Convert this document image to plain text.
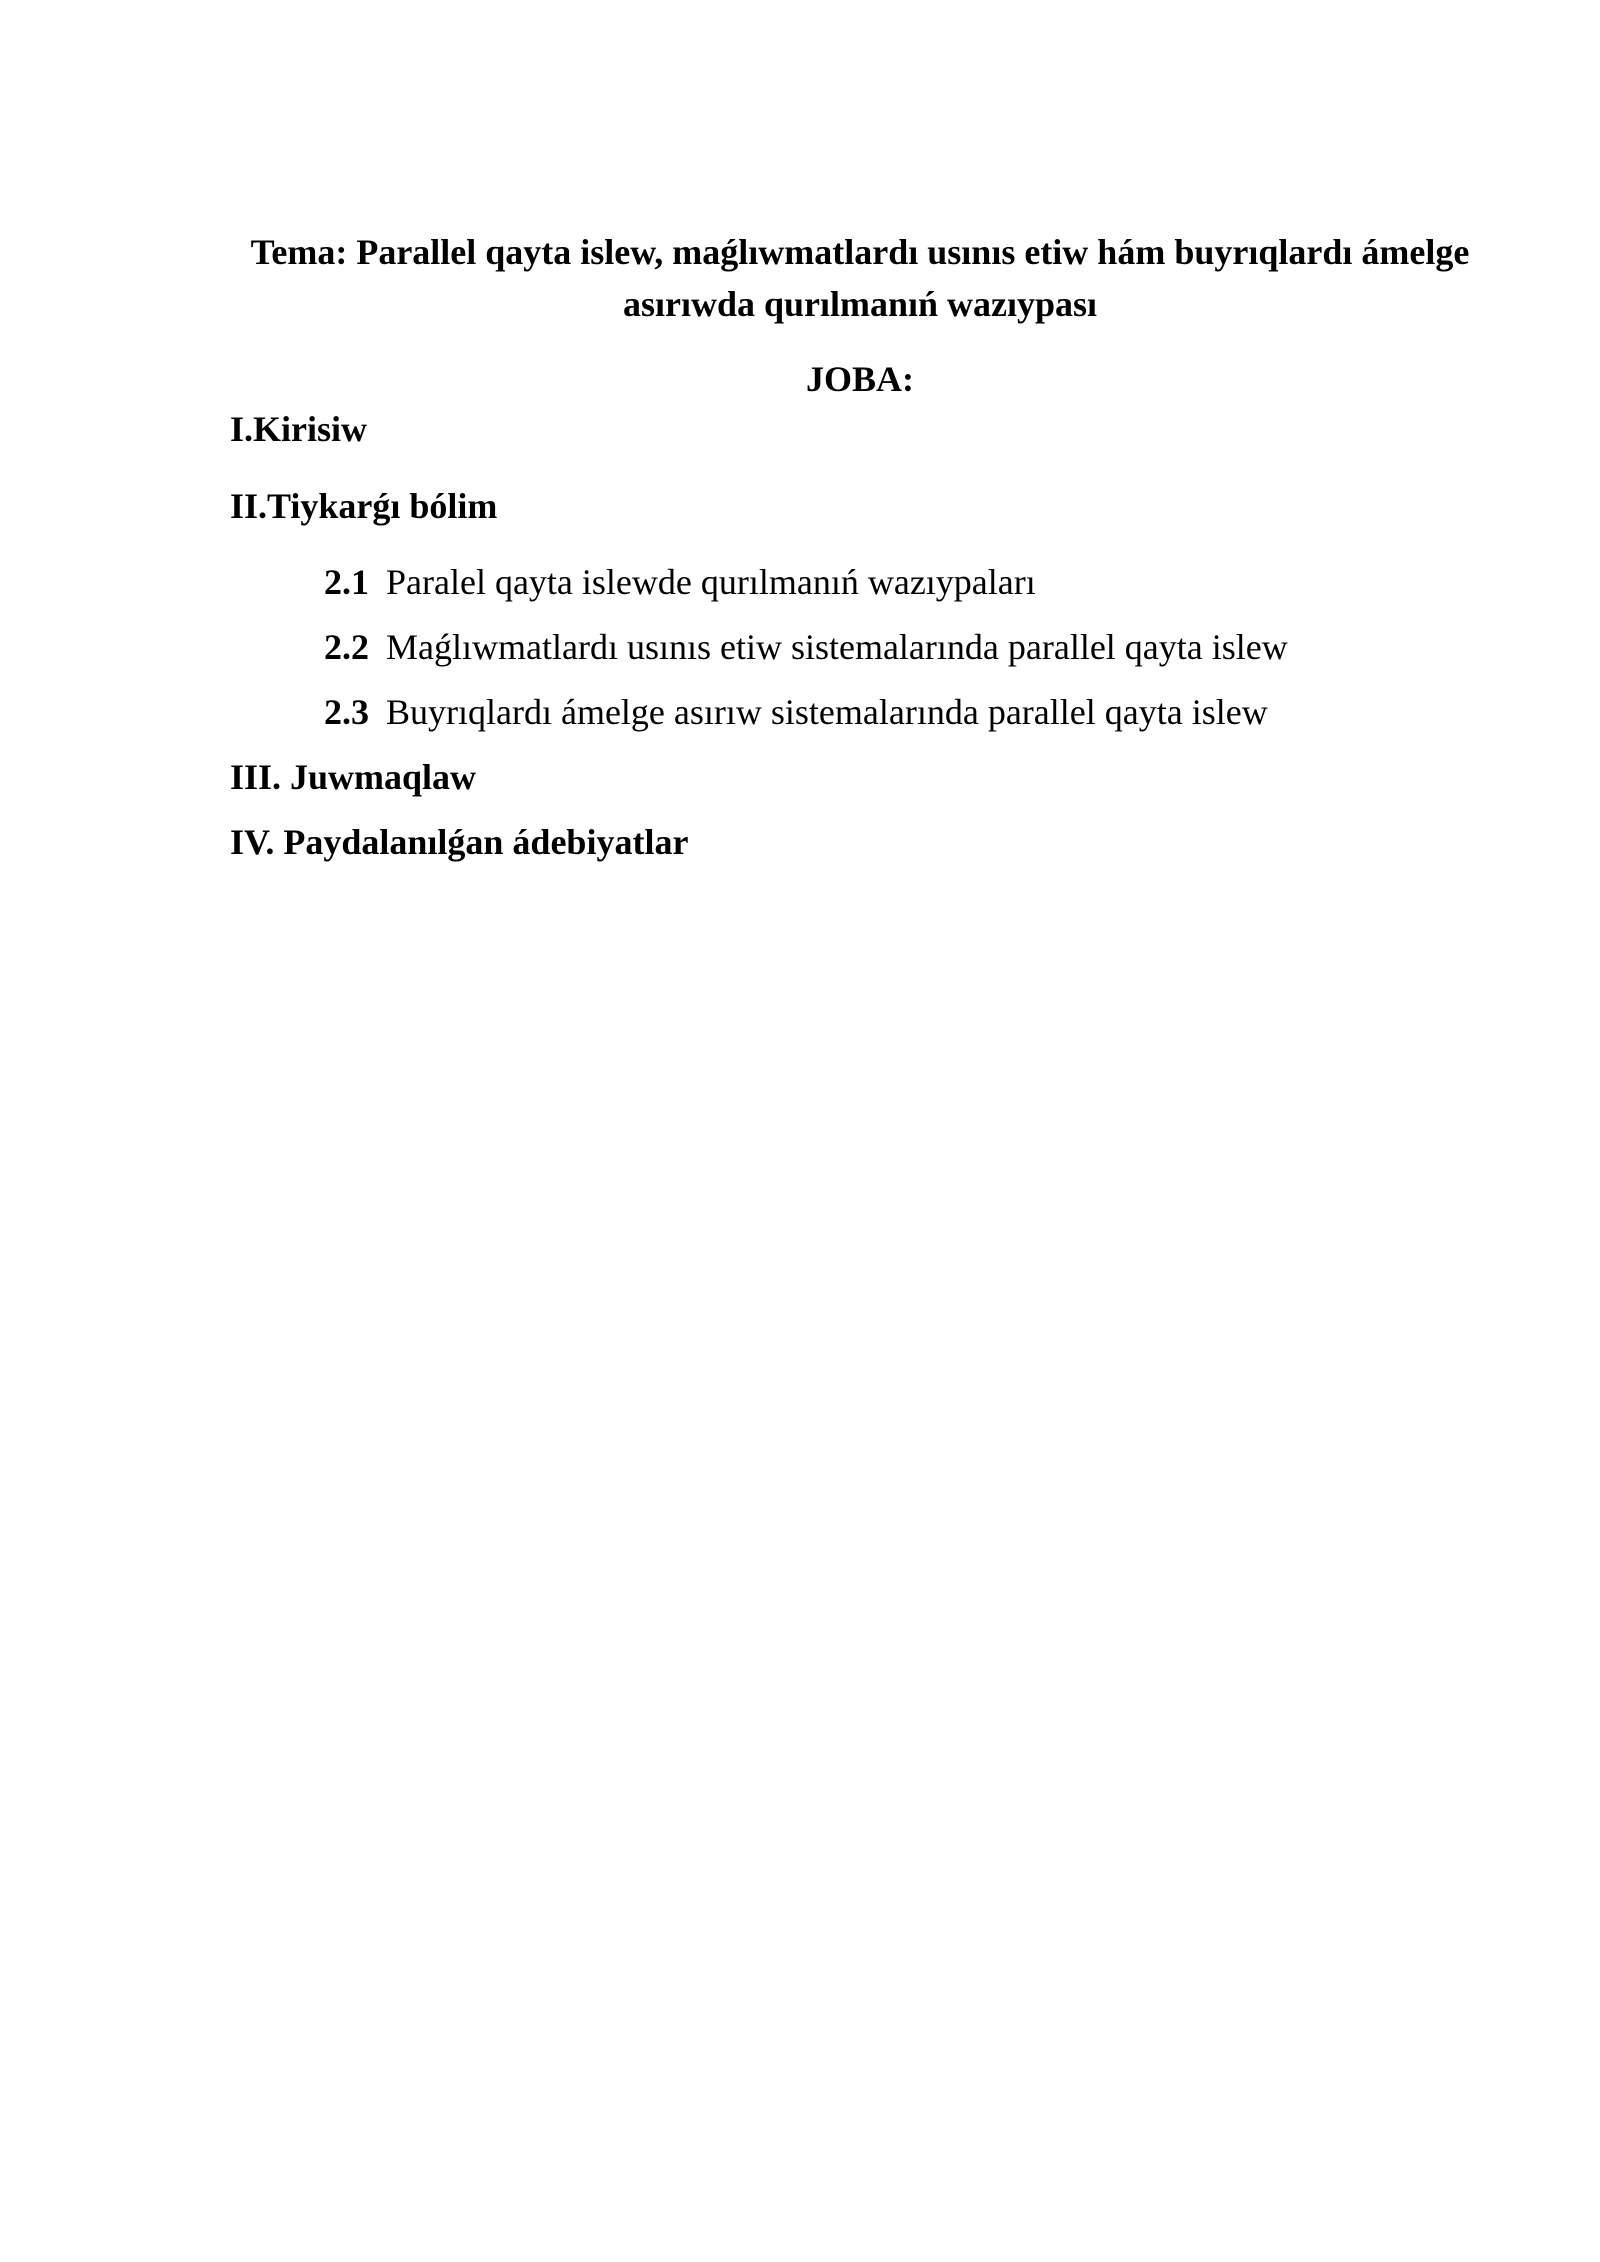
Tema: Parallel qayta islew, maǵlıwmatlardı usınıs etiw hám buyrıqlardı ámelge asırıwda qurılmanıń wazıypası
JOBA:

I.Kirisiw

II.Tiykarǵı bólim

2.1 Paralel qayta islewde qurılmanıń wazıypaları

2.2 Maǵlıwmatlardı usınıs etiw sistemalarında parallel qayta islew

2.3 Buyrıqlardı ámelge asırıw sistemalarında parallel qayta islew

III. Juwmaqlaw

IV. Paydalanılǵan ádebiyatlar
